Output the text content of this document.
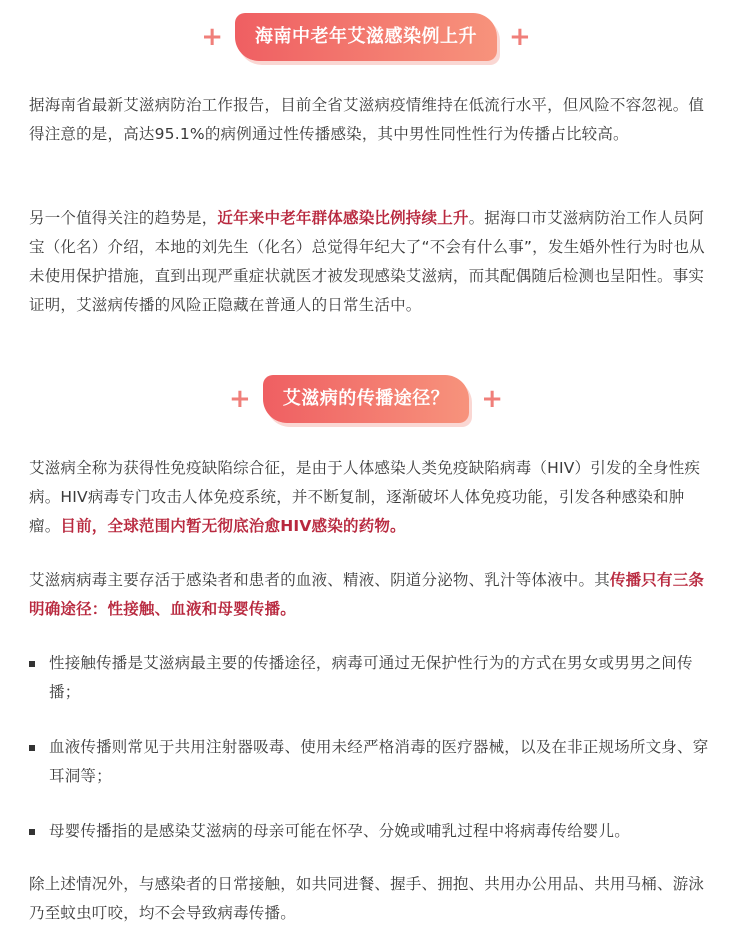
+	海南中老年艾滋感染例上升	+

据海南省最新艾滋病防治工作报告，目前全省艾滋病疫情维持在低流行水平，但风险不容忽视。值得注意的是，高达95.1%的病例通过性传播感染，其中男性同性性行为传播占比较高。

另一个值得关注的趋势是，近年来中老年群体感染比例持续上升。据海口市艾滋病防治工作人员阿宝（化名）介绍，本地的刘先生（化名）总觉得年纪大了“不会有什么事”，发生婚外性行为时也从未使用保护措施，直到出现严重症状就医才被发现感染艾滋病，而其配偶随后检测也呈阳性。事实证明，艾滋病传播的风险正隐藏在普通人的日常生活中。

+	艾滋病的传播途径？	+

艾滋病全称为获得性免疫缺陷综合征，是由于人体感染人类免疫缺陷病毒（HIV）引发的全身性疾病。HIV病毒专门攻击人体免疫系统，并不断复制，逐渐破坏人体免疫功能，引发各种感染和肿瘤。目前，全球范围内暂无彻底治愈HIV感染的药物。

艾滋病病毒主要存活于感染者和患者的血液、精液、阴道分泌物、乳汁等体液中。其传播只有三条明确途径：性接触、血液和母婴传播。

性接触传播是艾滋病最主要的传播途径，病毒可通过无保护性行为的方式在男女或男男之间传播；
血液传播则常见于共用注射器吸毒、使用未经严格消毒的医疗器械，以及在非正规场所文身、穿耳洞等；
母婴传播指的是感染艾滋病的母亲可能在怀孕、分娩或哺乳过程中将病毒传给婴儿。

除上述情况外，与感染者的日常接触，如共同进餐、握手、拥抱、共用办公用品、共用马桶、游泳乃至蚊虫叮咬，均不会导致病毒传播。
